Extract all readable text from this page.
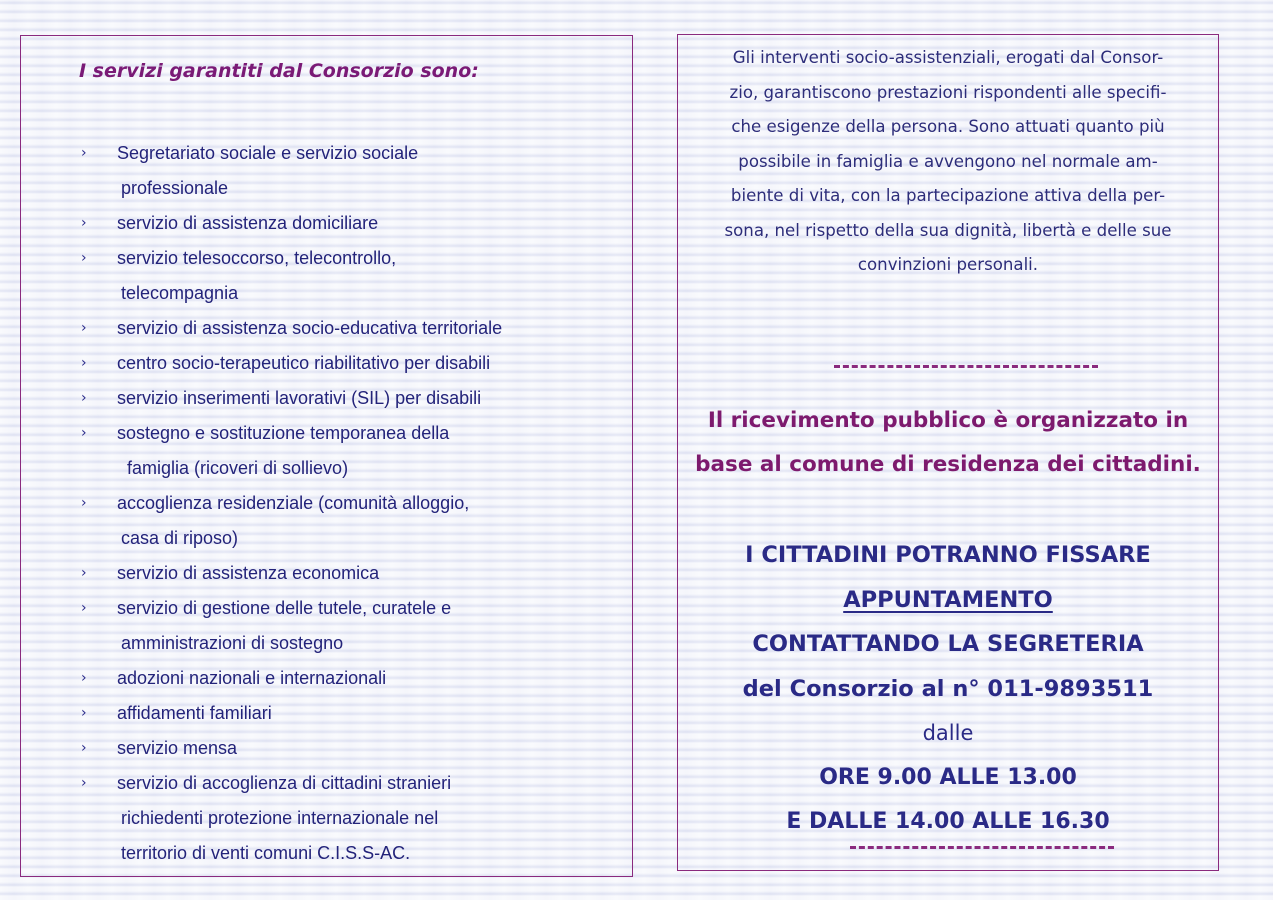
I servizi garantiti dal Consorzio sono:
›	Segretariato sociale e servizio sociale
professionale
›	servizio di assistenza domiciliare
›	servizio telesoccorso, telecontrollo,
telecompagnia
›	servizio di assistenza socio-educativa territoriale
›	centro socio-terapeutico riabilitativo per disabili
›	servizio inserimenti lavorativi (SIL) per disabili
›	sostegno e sostituzione temporanea della
famiglia (ricoveri di sollievo)
›	accoglienza residenziale (comunità alloggio,
casa di riposo)
›	servizio di assistenza economica
›	servizio di gestione delle tutele, curatele e
amministrazioni di sostegno
›	adozioni nazionali e internazionali
›	affidamenti familiari
›	servizio mensa
›	servizio di accoglienza di cittadini stranieri
richiedenti protezione internazionale nel
territorio di venti comuni C.I.S.S-AC.

Gli interventi socio-assistenziali, erogati dal Consor-
zio, garantiscono prestazioni rispondenti alle specifi-
che esigenze della persona. Sono attuati quanto più
possibile in famiglia e avvengono nel normale am-
biente di vita, con la partecipazione attiva della per-
sona, nel rispetto della sua dignità, libertà e delle sue
convinzioni personali.

Il ricevimento pubblico è organizzato in
base al comune di residenza dei cittadini.

I CITTADINI POTRANNO FISSARE
APPUNTAMENTO
CONTATTANDO LA SEGRETERIA
del Consorzio al n° 011-9893511
dalle
ORE 9.00 ALLE 13.00
E DALLE 14.00 ALLE 16.30
